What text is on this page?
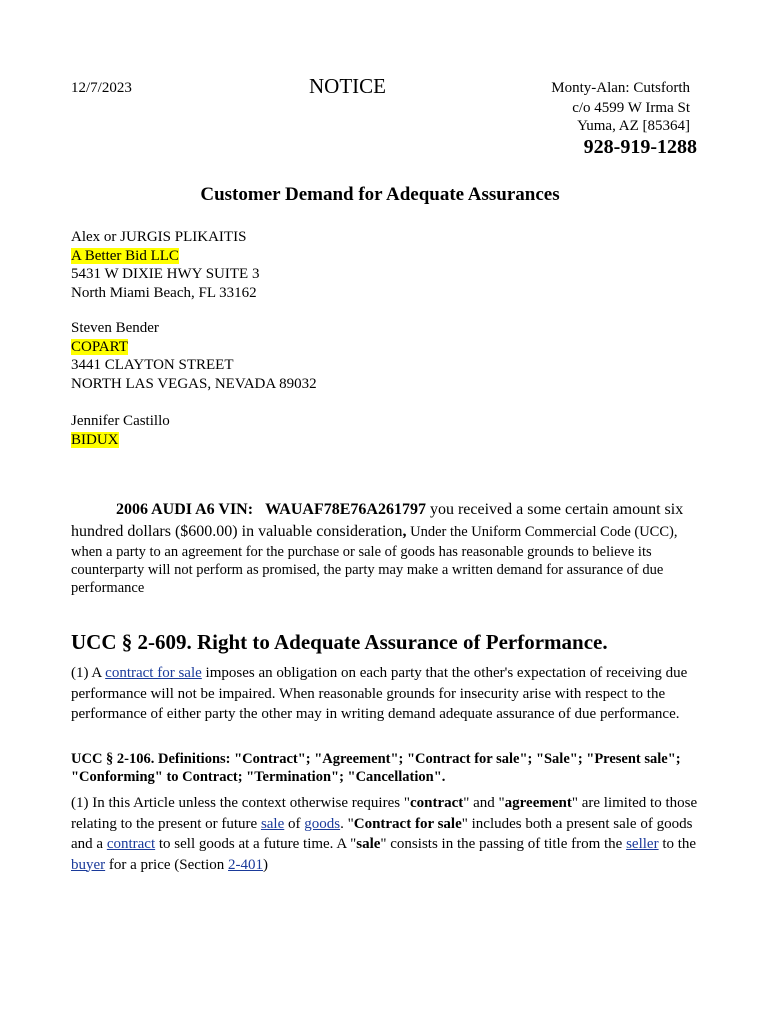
12/7/2023	NOTICE	Monty-Alan: Cutsforth
c/o 4599 W Irma St
Yuma, AZ [85364]
928-919-1288
Customer Demand for Adequate Assurances
Alex or JURGIS PLIKAITIS
A Better Bid LLC
5431 W DIXIE HWY SUITE 3
North Miami Beach, FL 33162
Steven Bender
COPART
3441 CLAYTON STREET
NORTH LAS VEGAS, NEVADA 89032
Jennifer Castillo
BIDUX
2006 AUDI A6 VIN: WAUAF78E76A261797 you received a some certain amount six hundred dollars ($600.00) in valuable consideration, Under the Uniform Commercial Code (UCC), when a party to an agreement for the purchase or sale of goods has reasonable grounds to believe its counterparty will not perform as promised, the party may make a written demand for assurance of due performance
UCC § 2-609. Right to Adequate Assurance of Performance.
(1) A contract for sale imposes an obligation on each party that the other's expectation of receiving due performance will not be impaired. When reasonable grounds for insecurity arise with respect to the performance of either party the other may in writing demand adequate assurance of due performance.
UCC § 2-106. Definitions: "Contract"; "Agreement"; "Contract for sale"; "Sale"; "Present sale"; "Conforming" to Contract; "Termination"; "Cancellation".
(1) In this Article unless the context otherwise requires "contract" and "agreement" are limited to those relating to the present or future sale of goods. "Contract for sale" includes both a present sale of goods and a contract to sell goods at a future time. A "sale" consists in the passing of title from the seller to the buyer for a price (Section 2-401)
